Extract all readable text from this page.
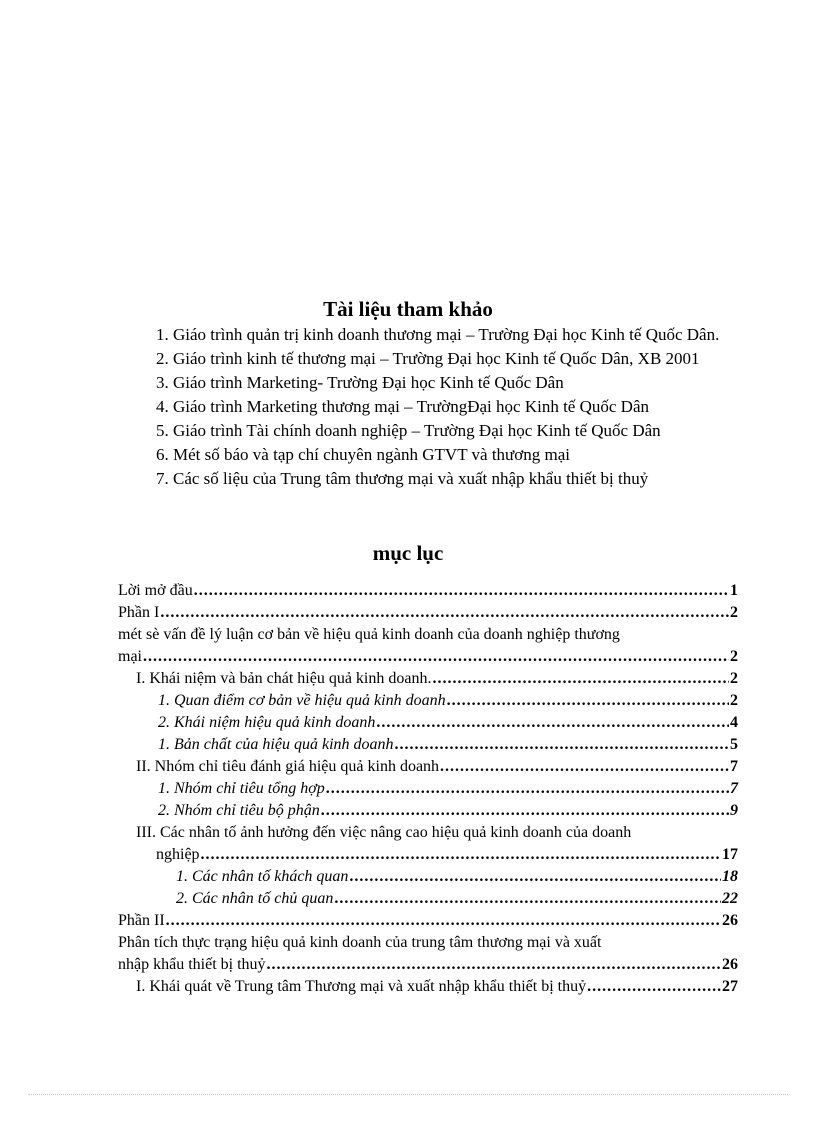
Tài liệu tham khảo
1. Giáo trình quản trị kinh doanh thương mại – Trường Đại học Kinh tế Quốc Dân.
2. Giáo trình kinh tế thương mại – Trường Đại học Kinh tế Quốc Dân, XB 2001
3. Giáo trình Marketing- Trường Đại học Kinh tế Quốc Dân
4. Giáo trình Marketing thương mại – TrườngĐại học Kinh tế Quốc Dân
5. Giáo trình Tài chính doanh nghiệp – Trường Đại học Kinh tế Quốc Dân
6. Mét số báo và tạp chí chuyên ngành GTVT và thương mại
7. Các số liệu của Trung tâm thương mại và xuất nhập khẩu thiết bị thuỷ
mục lục
Lời mở đầu .....	1
Phần I .....	2
mét sè vấn đề lý luận cơ bản về hiệu quả kinh doanh của doanh nghiệp thương
mại .....	2
I. Khái niệm và bản chát hiệu quả kinh doanh. .....	2
1. Quan điểm cơ bản về hiệu quả kinh doanh .....	2
2. Khái niệm hiệu quả kinh doanh .....	4
1. Bản chất của hiệu quả kinh doanh .....	5
II. Nhóm chỉ tiêu đánh giá hiệu quả kinh doanh .....	7
1. Nhóm chỉ tiêu tổng hợp .....	7
2. Nhóm chỉ tiêu bộ phận .....	9
III. Các nhân tố ảnh hưởng đến việc nâng cao hiệu quả kinh doanh của doanh
nghiệp .....	17
1. Các nhân tố khách quan .....	18
2. Các nhân tố chủ quan .....	22
Phần II .....	26
Phân tích thực trạng hiệu quả kinh doanh của trung tâm thương mại và xuất
nhập khẩu thiết bị thuỷ .....	26
I. Khái quát về Trung tâm Thương mại và xuất nhập khẩu thiết bị thuỷ .....	27
